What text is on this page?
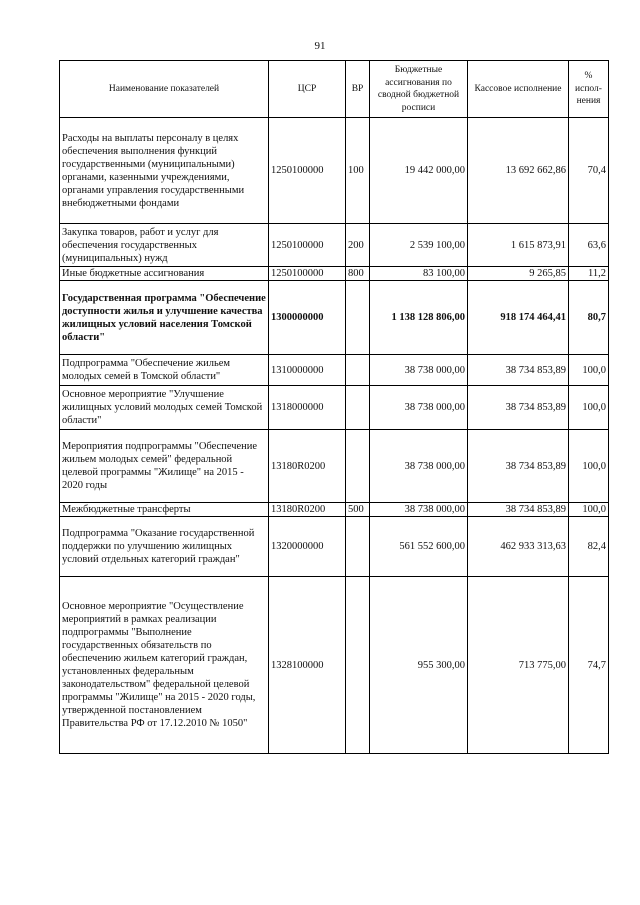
91
Наименование показателей	ЦСР	ВР	Бюджетные ассигнования по сводной бюджетной росписи	Кассовое исполнение	% испол-нения
Расходы на выплаты персоналу в целях обеспечения выполнения функций государственными (муниципальными) органами, казенными учреждениями, органами управления государственными внебюджетными фондами	1250100000	100	19 442 000,00	13 692 662,86	70,4
Закупка товаров, работ и услуг для обеспечения государственных (муниципальных) нужд	1250100000	200	2 539 100,00	1 615 873,91	63,6
Иные бюджетные ассигнования	1250100000	800	83 100,00	9 265,85	11,2
Государственная программа "Обеспечение доступности жилья и улучшение качества жилищных условий населения Томской области"	1300000000		1 138 128 806,00	918 174 464,41	80,7
Подпрограмма "Обеспечение жильем молодых семей в Томской области"	1310000000		38 738 000,00	38 734 853,89	100,0
Основное мероприятие "Улучшение жилищных условий молодых семей Томской области"	1318000000		38 738 000,00	38 734 853,89	100,0
Мероприятия подпрограммы "Обеспечение жильем молодых семей" федеральной целевой программы "Жилище" на 2015 - 2020 годы	13180R0200		38 738 000,00	38 734 853,89	100,0
Межбюджетные трансферты	13180R0200	500	38 738 000,00	38 734 853,89	100,0
Подпрограмма "Оказание государственной поддержки по улучшению жилищных условий отдельных категорий граждан"	1320000000		561 552 600,00	462 933 313,63	82,4
Основное мероприятие "Осуществление мероприятий в рамках реализации подпрограммы "Выполнение государственных обязательств по обеспечению жильем категорий граждан, установленных федеральным законодательством" федеральной целевой программы "Жилище" на 2015 - 2020 годы, утвержденной постановлением Правительства РФ от 17.12.2010 № 1050"	1328100000		955 300,00	713 775,00	74,7
